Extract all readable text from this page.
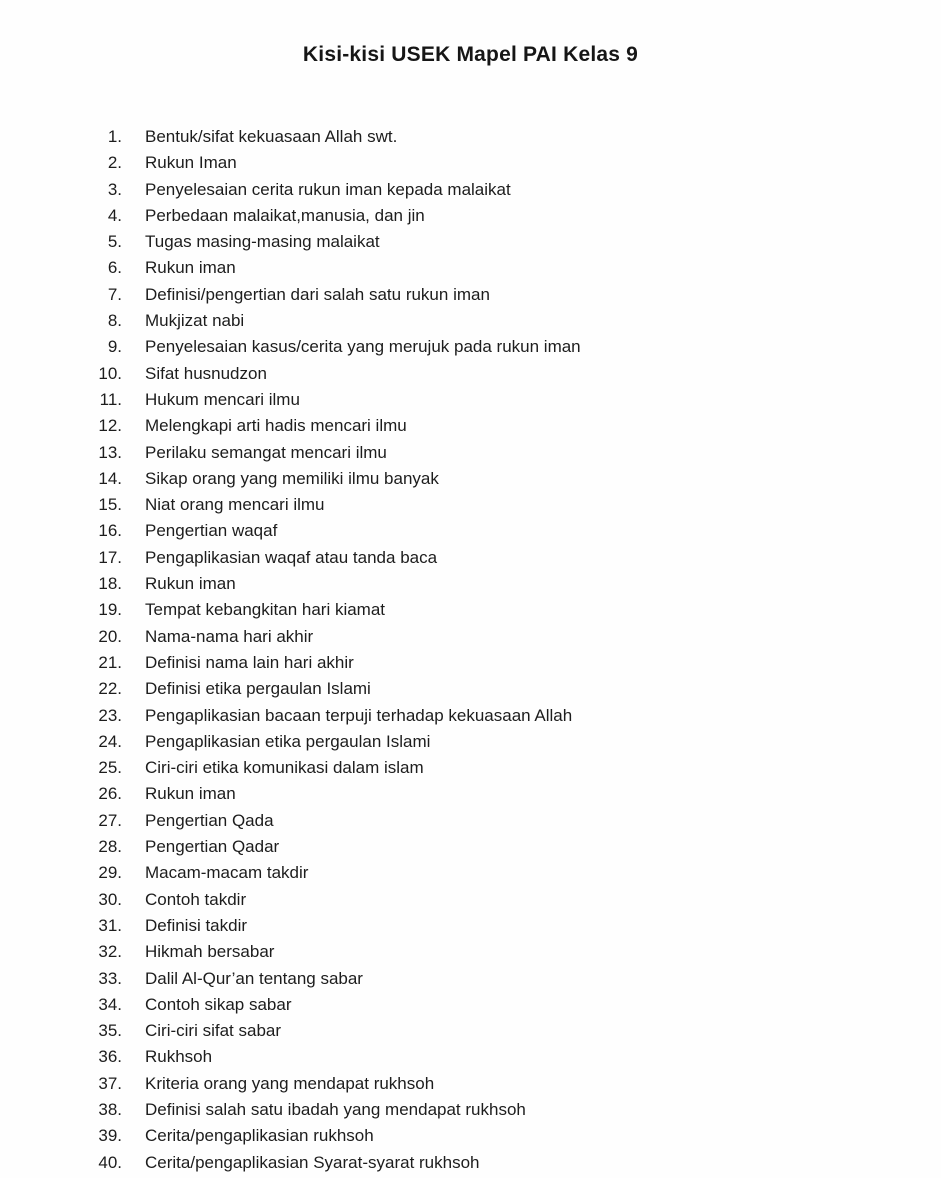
Kisi-kisi USEK Mapel PAI Kelas 9
1. Bentuk/sifat kekuasaan Allah swt.
2. Rukun Iman
3. Penyelesaian cerita rukun iman kepada malaikat
4. Perbedaan malaikat,manusia, dan jin
5. Tugas masing-masing malaikat
6. Rukun iman
7. Definisi/pengertian dari salah satu rukun iman
8. Mukjizat nabi
9. Penyelesaian kasus/cerita yang merujuk pada rukun iman
10. Sifat husnudzon
11. Hukum mencari ilmu
12. Melengkapi arti hadis mencari ilmu
13. Perilaku semangat mencari ilmu
14. Sikap orang yang memiliki ilmu banyak
15. Niat orang mencari ilmu
16. Pengertian waqaf
17. Pengaplikasian waqaf atau tanda baca
18. Rukun iman
19. Tempat kebangkitan hari kiamat
20. Nama-nama hari akhir
21. Definisi nama lain hari akhir
22. Definisi etika pergaulan Islami
23. Pengaplikasian bacaan terpuji terhadap kekuasaan Allah
24. Pengaplikasian etika pergaulan Islami
25. Ciri-ciri etika komunikasi dalam islam
26. Rukun iman
27. Pengertian Qada
28. Pengertian Qadar
29. Macam-macam takdir
30. Contoh takdir
31. Definisi takdir
32. Hikmah bersabar
33. Dalil Al-Qur’an tentang sabar
34. Contoh sikap sabar
35. Ciri-ciri sifat sabar
36. Rukhsoh
37. Kriteria orang yang mendapat rukhsoh
38. Definisi salah satu ibadah yang mendapat rukhsoh
39. Cerita/pengaplikasian rukhsoh
40. Cerita/pengaplikasian Syarat-syarat rukhsoh
